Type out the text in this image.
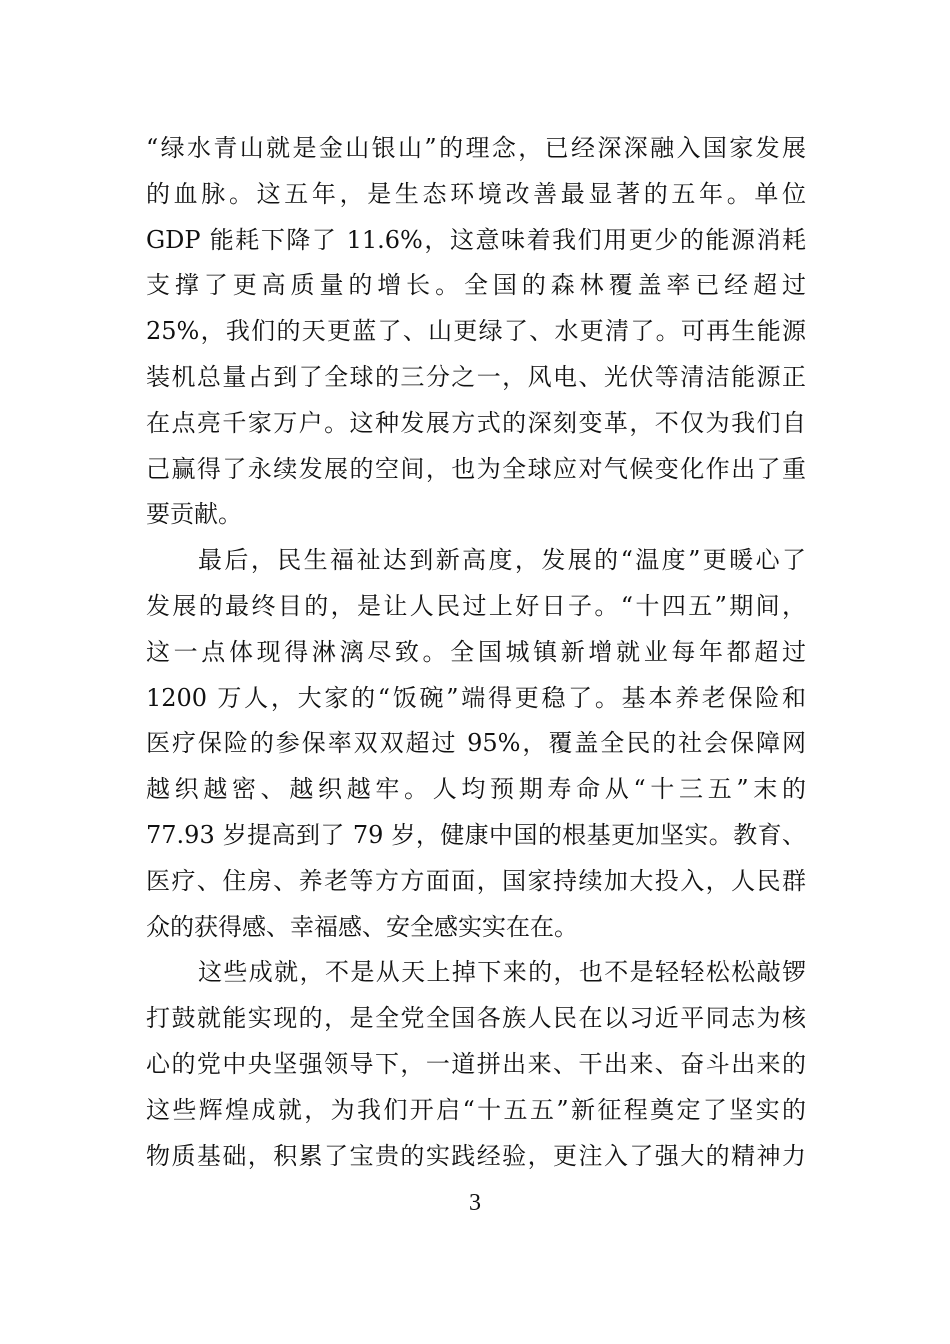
“绿水青山就是金山银山”的理念，已经深深融入国家发展
的血脉。这五年，是生态环境改善最显著的五年。单位
GDP 能耗下降了 11.6%，这意味着我们用更少的能源消耗
支撑了更高质量的增长。全国的森林覆盖率已经超过
25%，我们的天更蓝了、山更绿了、水更清了。可再生能源
装机总量占到了全球的三分之一，风电、光伏等清洁能源正
在点亮千家万户。这种发展方式的深刻变革，不仅为我们自
己赢得了永续发展的空间，也为全球应对气候变化作出了重
要贡献。
最后，民生福祉达到新高度，发展的“温度”更暖心了
发展的最终目的，是让人民过上好日子。“十四五”期间，
这一点体现得淋漓尽致。全国城镇新增就业每年都超过
1200 万人，大家的“饭碗”端得更稳了。基本养老保险和
医疗保险的参保率双双超过 95%，覆盖全民的社会保障网
越织越密、越织越牢。人均预期寿命从“十三五”末的
77.93 岁提高到了 79 岁，健康中国的根基更加坚实。教育、
医疗、住房、养老等方方面面，国家持续加大投入，人民群
众的获得感、幸福感、安全感实实在在。
这些成就，不是从天上掉下来的，也不是轻轻松松敲锣
打鼓就能实现的，是全党全国各族人民在以习近平同志为核
心的党中央坚强领导下，一道拼出来、干出来、奋斗出来的
这些辉煌成就，为我们开启“十五五”新征程奠定了坚实的
物质基础，积累了宝贵的实践经验，更注入了强大的精神力
3
